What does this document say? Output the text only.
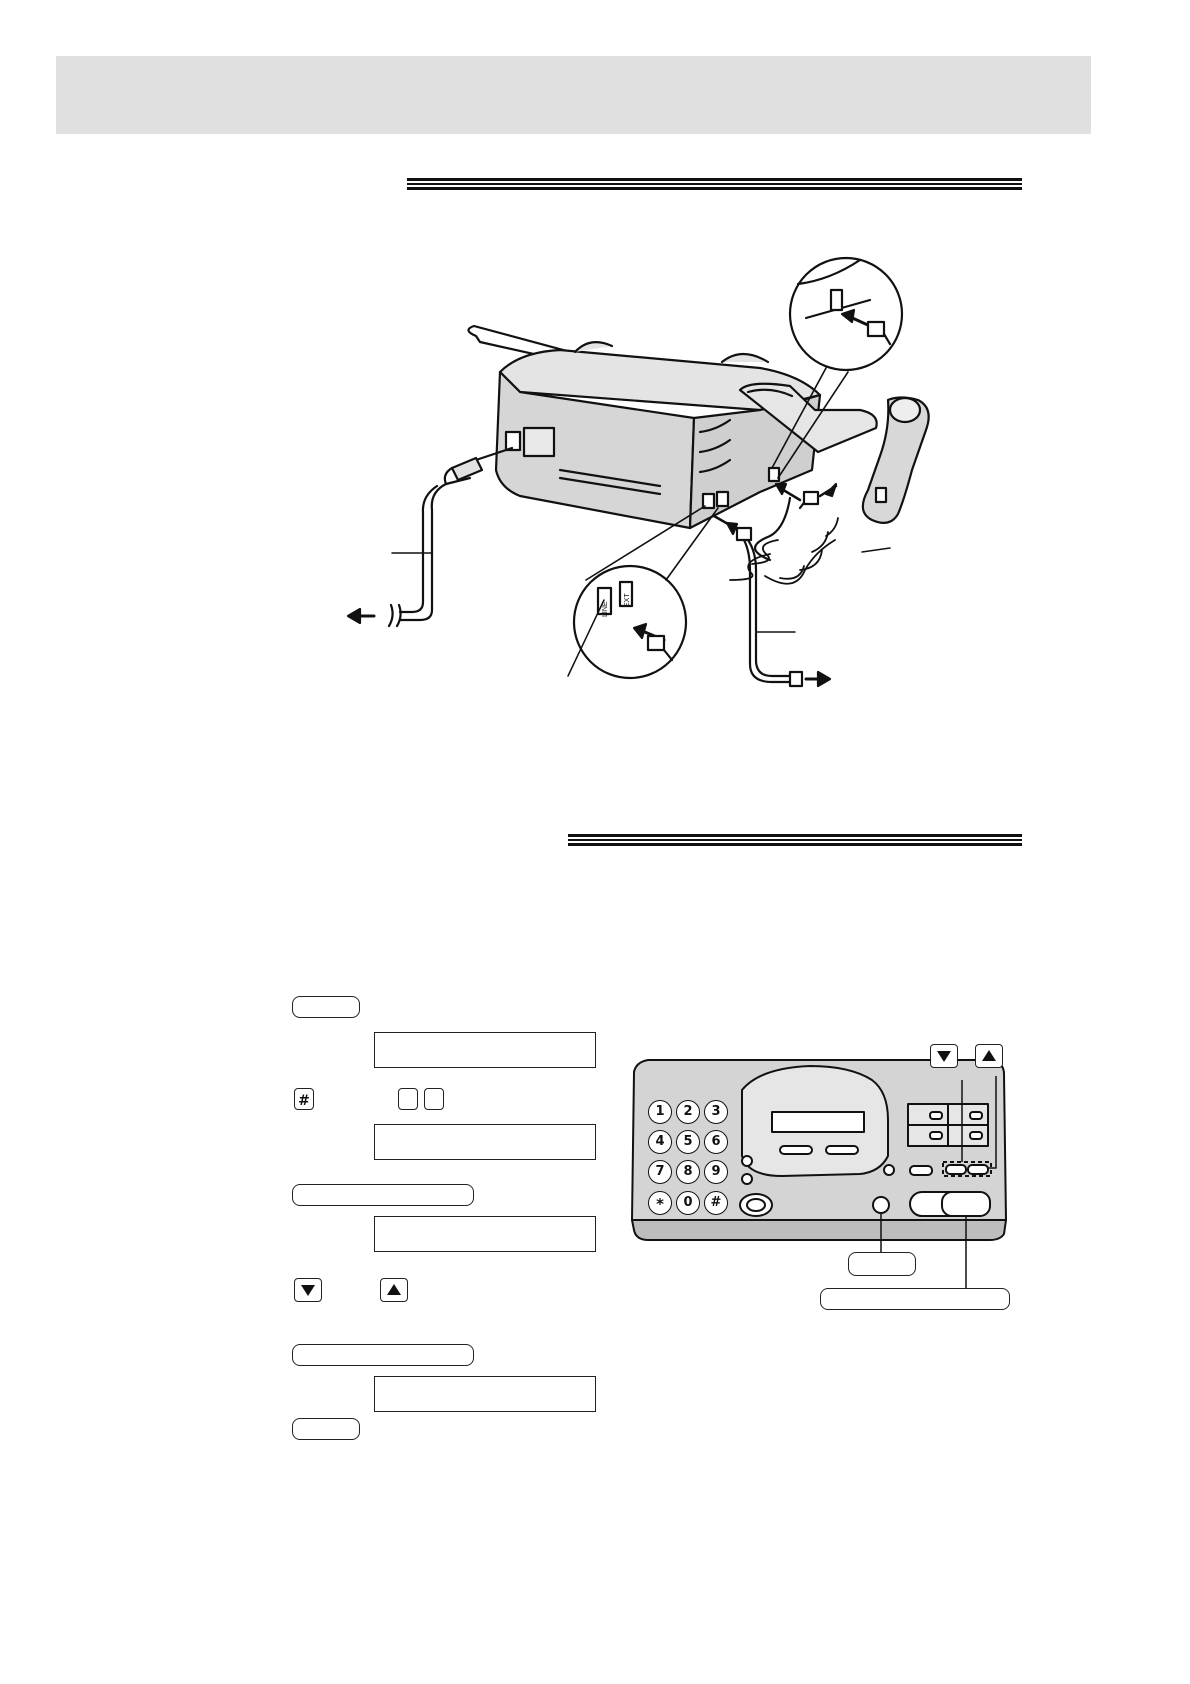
LINE
EXT
1	2	3
4	5	6
7	8	9
*	0	#
#
